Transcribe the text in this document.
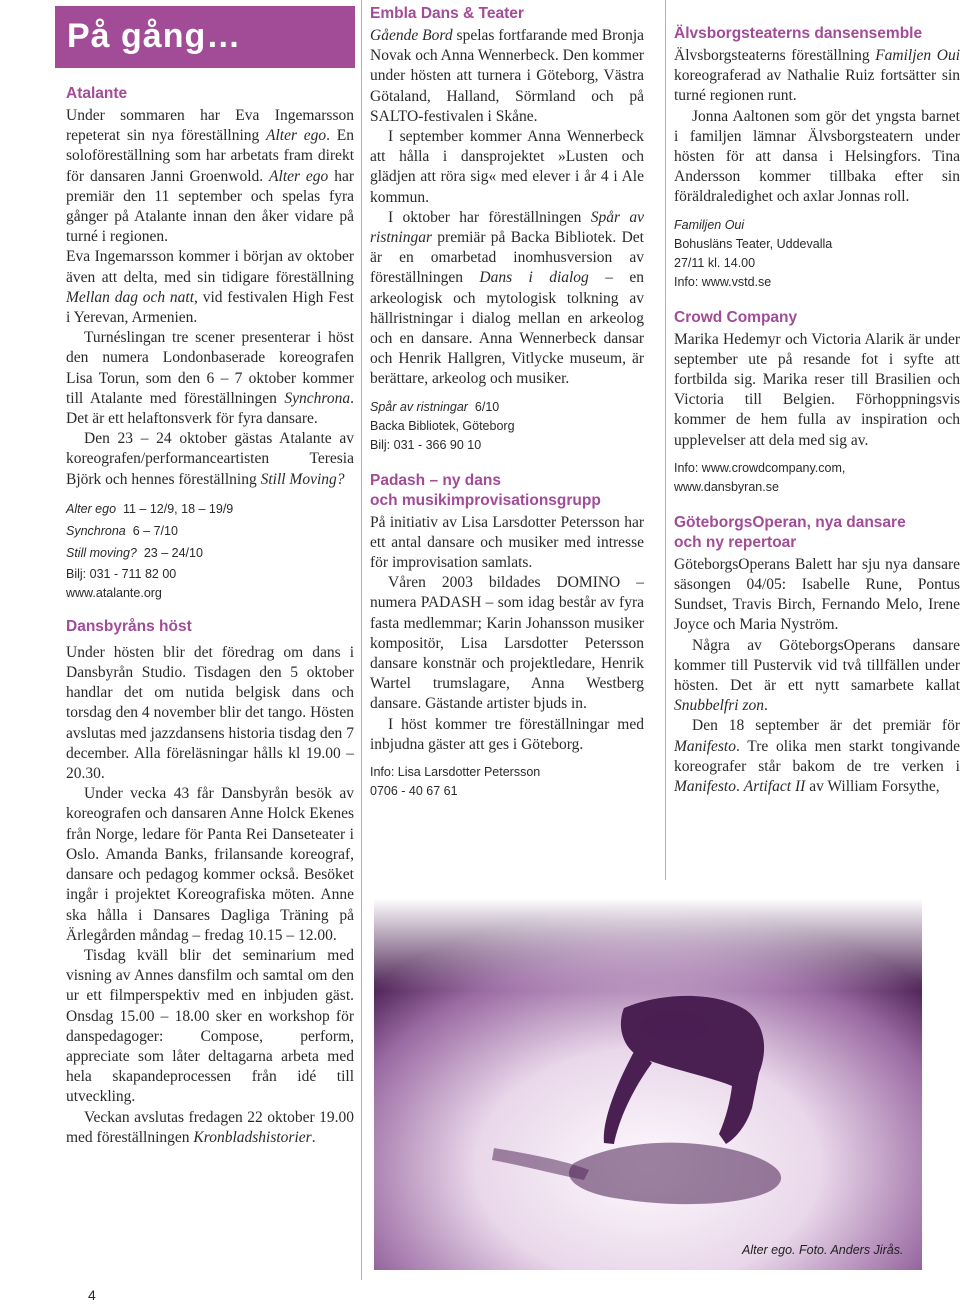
På gång…
Atalante

Under sommaren har Eva Ingemarsson repeterat sin nya föreställning Alter ego. En soloföreställning som har arbetats fram direkt för dansaren Janni Groenwold. Alter ego har premiär den 11 september och spelas fyra gånger på Atalante innan den åker vidare på turné i regionen.

Eva Ingemarsson kommer i början av oktober även att delta, med sin tidigare föreställning Mellan dag och natt, vid festivalen High Fest i Yerevan, Armenien.

Turnéslingan tre scener presenterar i höst den numera Londonbaserade koreografen Lisa Torun, som den 6 – 7 oktober kommer till Atalante med föreställningen Synchrona. Det är ett helaftonsverk för fyra dansare.

Den 23 – 24 oktober gästas Atalante av koreografen/performanceartisten Teresia Björk och hennes föreställning Still Moving?

Alter ego 11 – 12/9, 18 – 19/9

Synchrona 6 – 7/10

Still moving? 23 – 24/10

Bilj: 031 - 711 82 00

www.atalante.org

Dansbyråns höst

Under hösten blir det föredrag om dans i Dansbyrån Studio. Tisdagen den 5 oktober handlar det om nutida belgisk dans och torsdag den 4 november blir det tango. Hösten avslutas med jazzdansens historia tisdag den 7 december. Alla föreläsningar hålls kl 19.00 – 20.30.

Under vecka 43 får Dansbyrån besök av koreografen och dansaren Anne Holck Ekenes från Norge, ledare för Panta Rei Danseteater i Oslo. Amanda Banks, frilansande koreograf, dansare och pedagog kommer också. Besöket ingår i projektet Koreografiska möten. Anne ska hålla i Dansares Dagliga Träning på Ärlegården måndag – fredag 10.15 – 12.00.

Tisdag kväll blir det seminarium med visning av Annes dansfilm och samtal om den ur ett filmperspektiv med en inbjuden gäst. Onsdag 15.00 – 18.00 sker en workshop för danspedagoger: Compose, perform, appreciate som låter deltagarna arbeta med hela skapandeprocessen från idé till utveckling.

Veckan avslutas fredagen 22 oktober 19.00 med föreställningen Kronbladshistorier.

Embla Dans & Teater

Gående Bord spelas fortfarande med Bronja Novak och Anna Wennerbeck. Den kommer under hösten att turnera i Göteborg, Västra Götaland, Halland, Sörmland och på SALTO-festivalen i Skåne.

I september kommer Anna Wennerbeck att hålla i dansprojektet »Lusten och glädjen att röra sig« med elever i år 4 i Ale kommun.

I oktober har föreställningen Spår av ristningar premiär på Backa Bibliotek. Det är en omarbetad inomhusversion av föreställningen Dans i dialog – en arkeologisk och mytologisk tolkning av hällristningar i dialog mellan en arkeolog och en dansare. Anna Wennerbeck dansar och Henrik Hallgren, Vitlycke museum, är berättare, arkeolog och musiker.

Spår av ristningar 6/10

Backa Bibliotek, Göteborg

Bilj: 031 - 366 90 10

Padash – ny dans
och musikimprovisationsgrupp

På initiativ av Lisa Larsdotter Petersson har ett antal dansare och musiker med intresse för improvisation samlats.

Våren 2003 bildades DOMINO – numera PADASH – som idag består av fyra fasta medlemmar; Karin Johansson musiker kompositör, Lisa Larsdotter Petersson dansare konstnär och projektledare, Henrik Wartel trumslagare, Anna Westberg dansare. Gästande artister bjuds in.

I höst kommer tre föreställningar med inbjudna gäster att ges i Göteborg.

Info: Lisa Larsdotter Petersson

0706 - 40 67 61

Älvsborgsteaterns dansensemble

Älvsborgsteaterns föreställning Familjen Oui koreograferad av Nathalie Ruiz fortsätter sin turné regionen runt.

Jonna Aaltonen som gör det yngsta barnet i familjen lämnar Älvsborgsteatern under hösten för att dansa i Helsingfors. Tina Andersson kommer tillbaka efter sin föräldraledighet och axlar Jonnas roll.

Familjen Oui

Bohusläns Teater, Uddevalla

27/11 kl. 14.00

Info: www.vstd.se

Crowd Company

Marika Hedemyr och Victoria Alarik är under september ute på resande fot i syfte att fortbilda sig. Marika reser till Brasilien och Victoria till Belgien. Förhoppningsvis kommer de hem fulla av inspiration och upplevelser att dela med sig av.

Info: www.crowdcompany.com,

www.dansbyran.se

GöteborgsOperan, nya dansare
och ny repertoar

GöteborgsOperans Balett har sju nya dansare säsongen 04/05: Isabelle Rune, Pontus Sundset, Travis Birch, Fernando Melo, Irene Joyce och Maria Nyström.

Några av GöteborgsOperans dansare kommer till Pustervik vid två tillfällen under hösten. Det är ett nytt samarbete kallat Snubbelfri zon.

Den 18 september är det premiär för Manifesto. Tre olika men starkt tongivande koreografer står bakom de tre verken i Manifesto. Artifact II av William Forsythe,

Alter ego. Foto. Anders Jirås.
4
